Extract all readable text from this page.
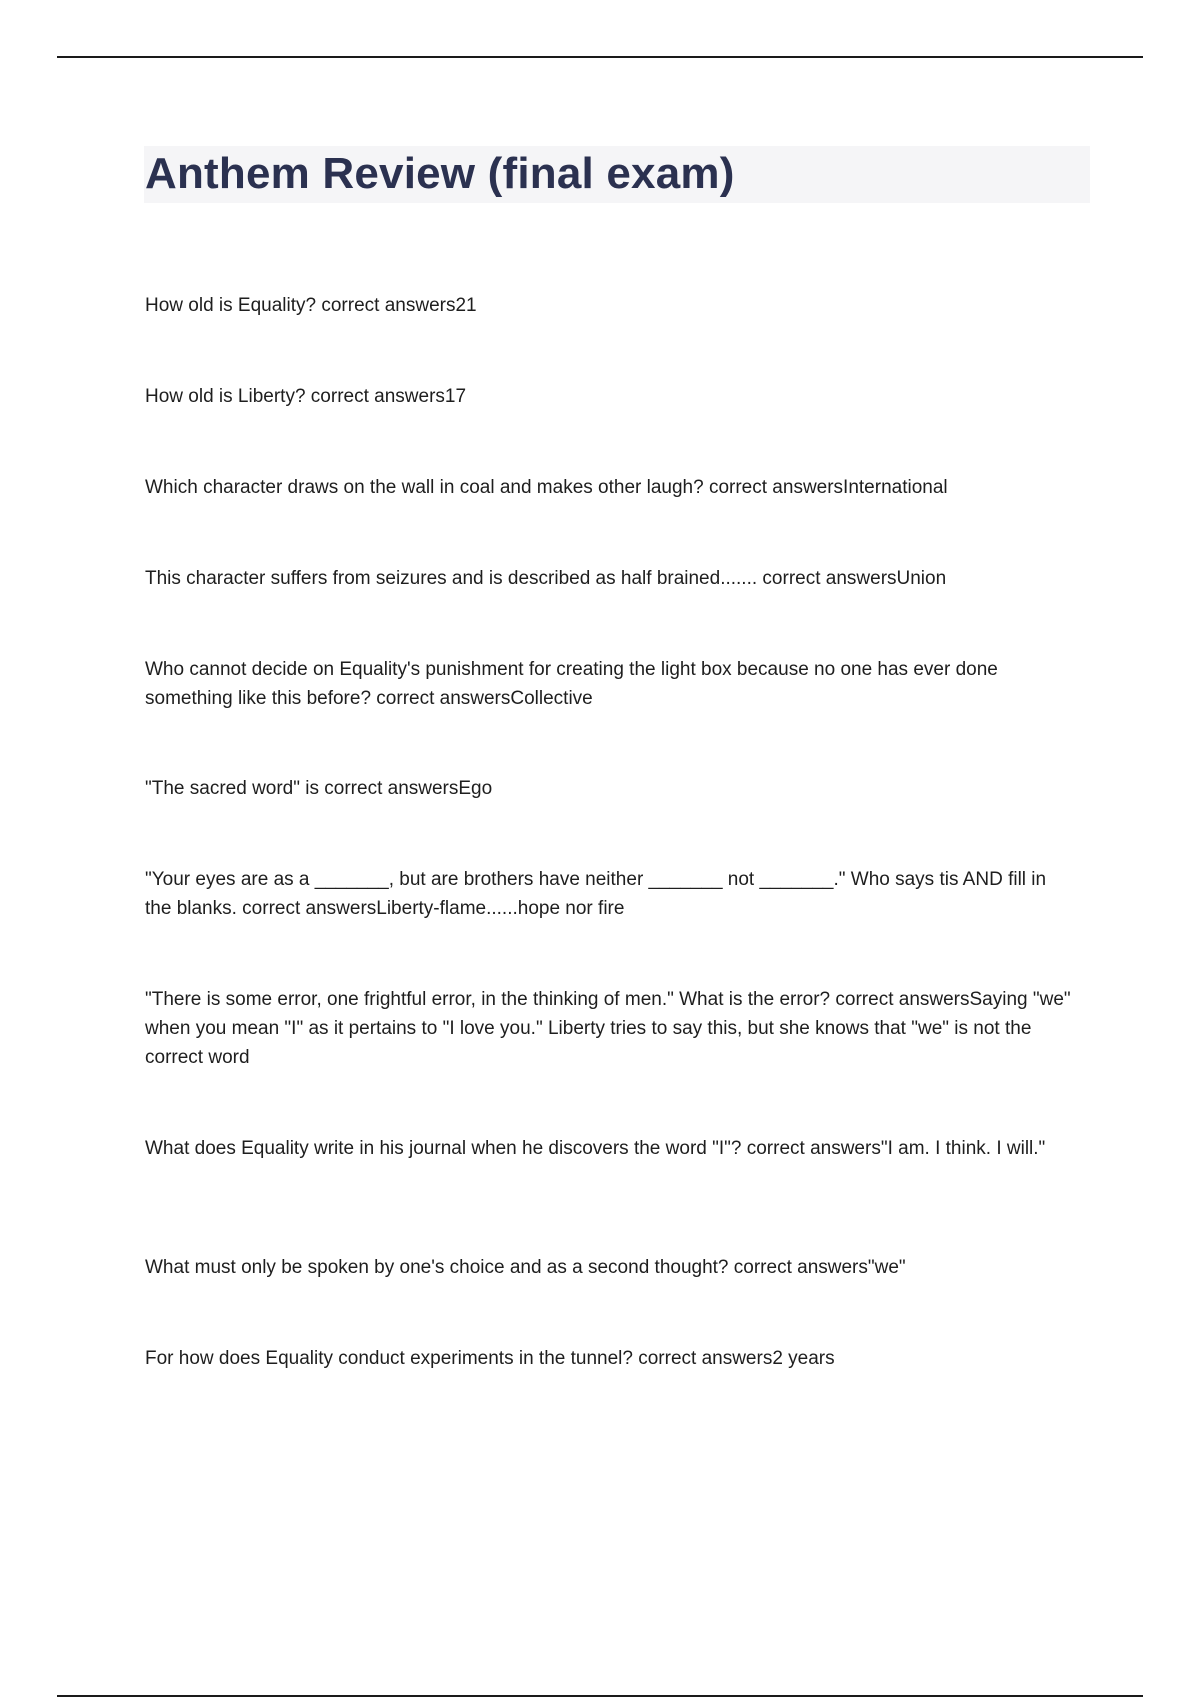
Anthem Review (final exam)
How old is Equality? correct answers21
How old is Liberty? correct answers17
Which character draws on the wall in coal and makes other laugh? correct answersInternational
This character suffers from seizures and is described as half brained....... correct answersUnion
Who cannot decide on Equality's punishment for creating the light box because no one has ever done something like this before? correct answersCollective
"The sacred word" is correct answersEgo
"Your eyes are as a _______, but are brothers have neither _______ not _______." Who says tis AND fill in the blanks. correct answersLiberty-flame......hope nor fire
"There is some error, one frightful error, in the thinking of men." What is the error? correct answersSaying "we" when you mean "I" as it pertains to "I love you." Liberty tries to say this, but she knows that "we" is not the correct word
What does Equality write in his journal when he discovers the word "I"? correct answers"I am. I think. I will."
What must only be spoken by one's choice and as a second thought? correct answers"we"
For how does Equality conduct experiments in the tunnel? correct answers2 years
